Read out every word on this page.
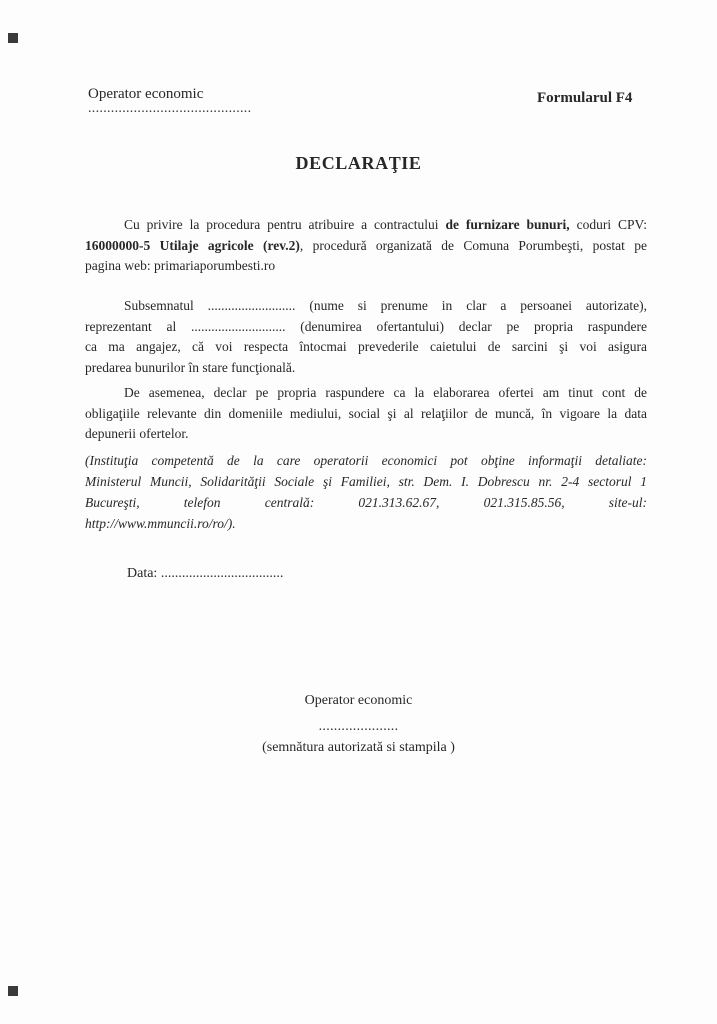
Operator economic
...........................................
Formularul F4
DECLARAŢIE
Cu privire la procedura pentru atribuire a contractului de furnizare bunuri, coduri CPV:
16000000-5 Utilaje agricole (rev.2), procedură organizată de Comuna Porumbeşti, postat pe
pagina web: primariaporumbesti.ro
Subsemnatul .......................... (nume si prenume in clar a persoanei autorizate),
reprezentant al ............................ (denumirea ofertantului) declar pe propria raspundere
ca ma angajez, că voi respecta întocmai prevederile caietului de sarcini şi voi asigura
predarea bunurilor în stare funcţională.
De asemenea, declar pe propria raspundere ca la elaborarea ofertei am tinut cont de
obligaţiile relevante din domeniile mediului, social şi al relaţiilor de muncă, în vigoare la data
depunerii ofertelor.
(Instituţia competentă de la care operatorii economici pot obţine informaţii detaliate:
Ministerul Muncii, Solidarităţii Sociale şi Familiei, str. Dem. I. Dobrescu nr. 2-4 sectorul 1
Bucureşti, telefon centrală: 021.313.62.67, 021.315.85.56, site-ul:
http://www.mmuncii.ro/ro/).
Data: ...................................
Operator economic
.....................
(semnătura autorizată si stampila )
